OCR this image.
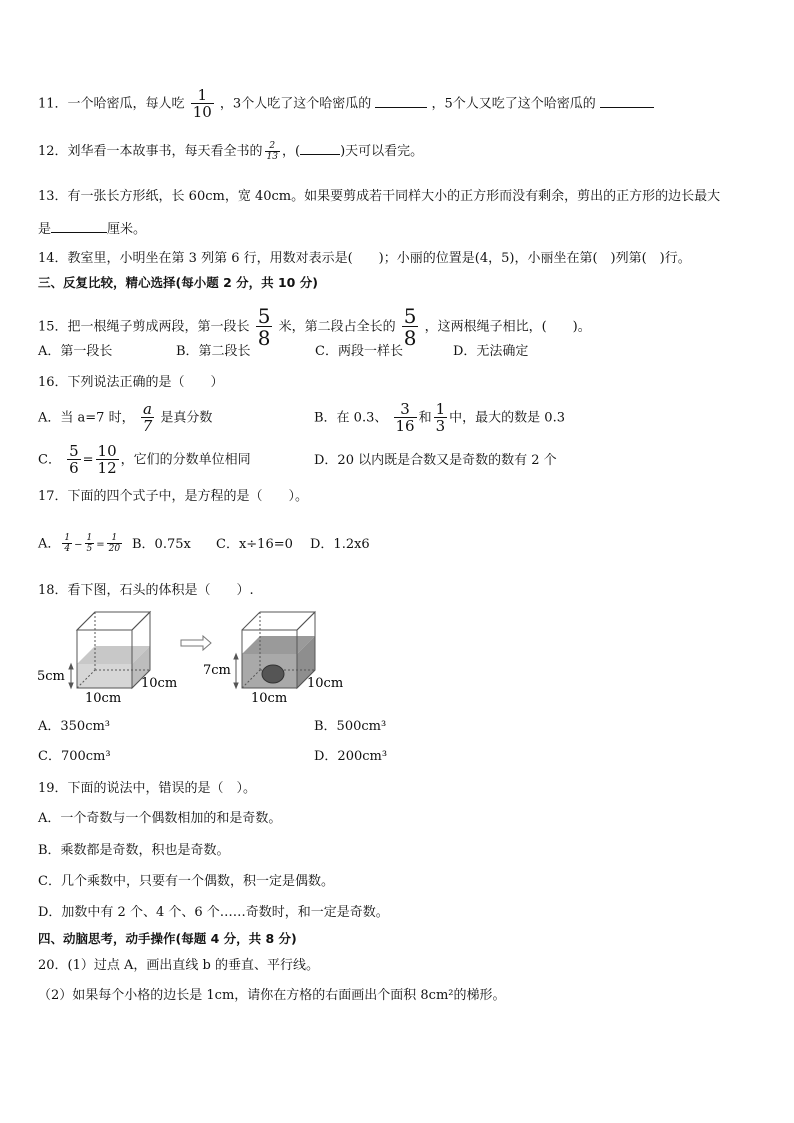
11．一个哈密瓜，每人吃 $\frac{1}{10}$ ，3个人吃了这个哈密瓜的	，5个人又吃了这个哈密瓜的
12．刘华看一本故事书，每天看全书的 $\frac{2}{13}$ ，(	)天可以看完。
13．有一张长方形纸，长 60cm，宽 40cm。如果要剪成若干同样大小的正方形而没有剩余，剪出的正方形的边长最大
是	厘米。
14．教室里，小明坐在第 3 列第 6 行，用数对表示是(　　)；小丽的位置是(4，5)，小丽坐在第(　)列第(　)行。
三、反复比较，精心选择(每小题 2 分，共 10 分)
15．把一根绳子剪成两段，第一段长 $\frac{5}{8}$ 米，第二段占全长的 $\frac{5}{8}$ ，这两根绳子相比，(　　)。
A．第一段长	B．第二段长	C．两段一样长	D．无法确定
16．下列说法正确的是（　　）
A．当 a=7 时， $\frac{a}{7}$ 是真分数	B．在 0.3、 $\frac{3}{16}$ 和 $\frac{1}{3}$ 中，最大的数是 0.3
C． $\frac{5}{6} = \frac{10}{12}$ ，它们的分数单位相同	D．20 以内既是合数又是奇数的数有 2 个
17．下面的四个式子中，是方程的是（　　）。
A． $\frac{1}{4} - \frac{1}{5} = \frac{1}{20}$ B．0.75x C．x÷16=0 D．1.2x6
18．看下图，石头的体积是（　　）.
5cm
10cm
10cm
7cm
10cm
10cm
A．350cm³	B．500cm³
C．700cm³	D．200cm³
19．下面的说法中，错误的是（　）。
A．一个奇数与一个偶数相加的和是奇数。
B．乘数都是奇数，积也是奇数。
C．几个乘数中，只要有一个偶数，积一定是偶数。
D．加数中有 2 个、4 个、6 个……奇数时，和一定是奇数。
四、动脑思考，动手操作(每题 4 分，共 8 分)
20．(1）过点 A，画出直线 b 的垂直、平行线。
（2）如果每个小格的边长是 1cm，请你在方格的右面画出个面积 8cm²的梯形。
